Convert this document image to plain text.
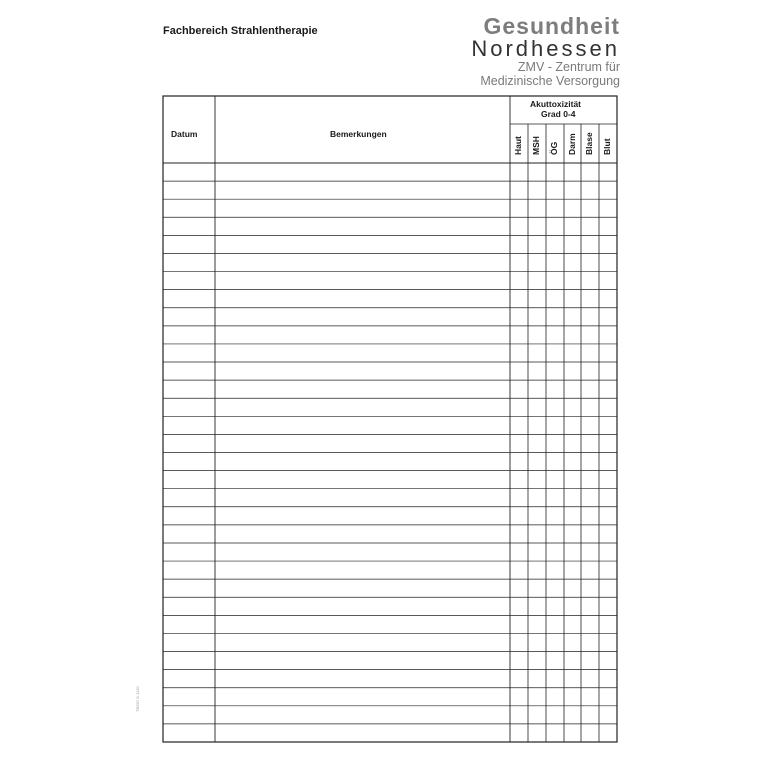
Fachbereich Strahlentherapie	Gesundheit
Nordhessen
ZMV - Zentrum für
Medizinische Versorgung
Datum	Bemerkungen
Akuttoxizität
Grad 0-4
Haut MSH ÖG Darm Blase Blut
TBS07 K 1110
